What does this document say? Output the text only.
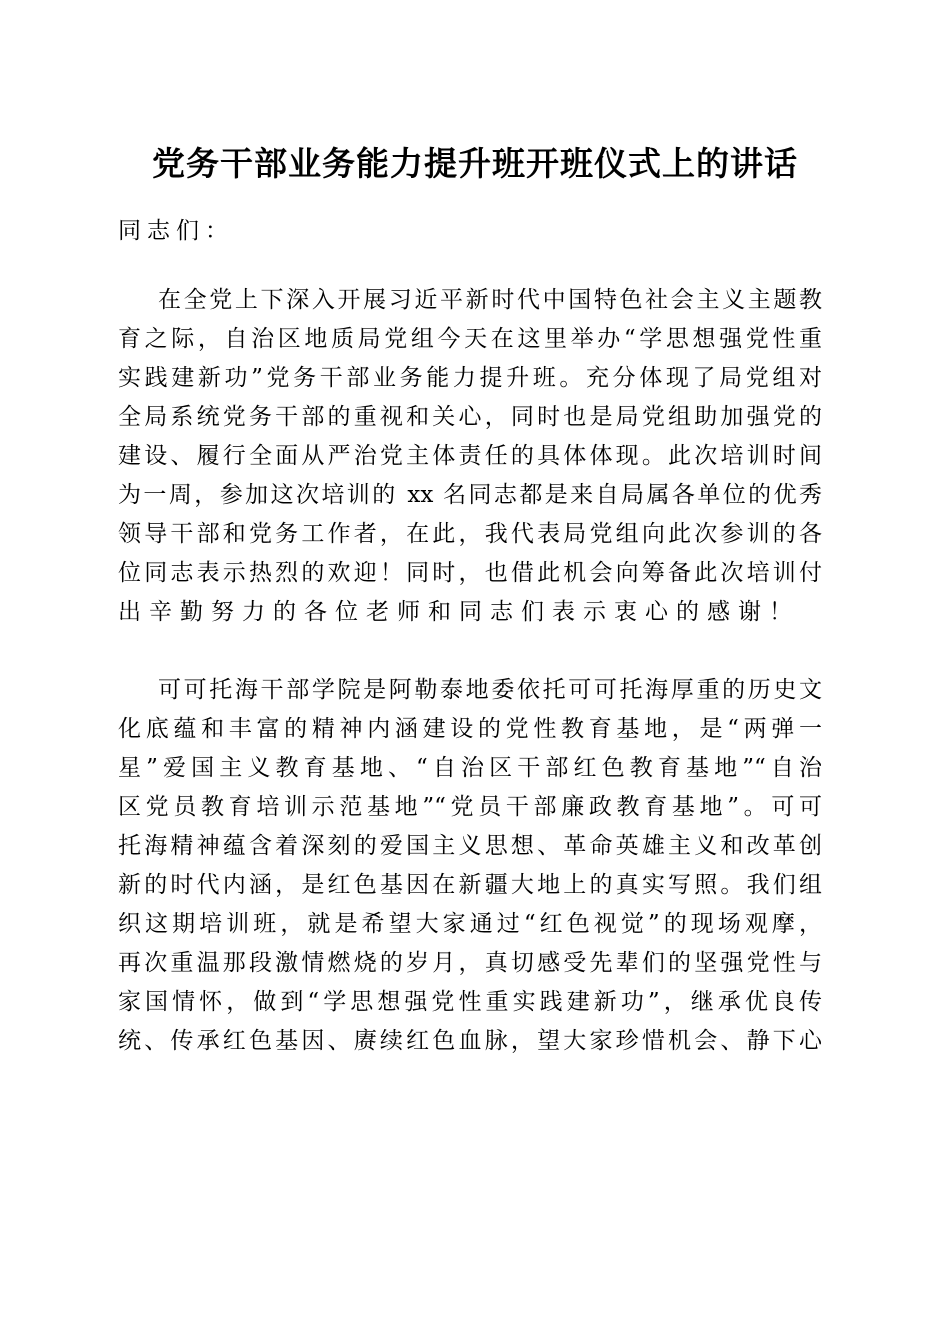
党务干部业务能力提升班开班仪式上的讲话
同志们：
在全党上下深入开展习近平新时代中国特色社会主义主题教
育之际，自治区地质局党组今天在这里举办“学思想强党性重
实践建新功”党务干部业务能力提升班。充分体现了局党组对
全局系统党务干部的重视和关心，同时也是局党组助加强党的
建设、履行全面从严治党主体责任的具体体现。此次培训时间
为一周，参加这次培训的 xx 名同志都是来自局属各单位的优秀
领导干部和党务工作者，在此，我代表局党组向此次参训的各
位同志表示热烈的欢迎！同时，也借此机会向筹备此次培训付
出辛勤努力的各位老师和同志们表示衷心的感谢！
可可托海干部学院是阿勒泰地委依托可可托海厚重的历史文
化底蕴和丰富的精神内涵建设的党性教育基地，是“两弹一
星”爱国主义教育基地、“自治区干部红色教育基地”“自治
区党员教育培训示范基地”“党员干部廉政教育基地”。可可
托海精神蕴含着深刻的爱国主义思想、革命英雄主义和改革创
新的时代内涵，是红色基因在新疆大地上的真实写照。我们组
织这期培训班，就是希望大家通过“红色视觉”的现场观摩，
再次重温那段激情燃烧的岁月，真切感受先辈们的坚强党性与
家国情怀，做到“学思想强党性重实践建新功”，继承优良传
统、传承红色基因、赓续红色血脉，望大家珍惜机会、静下心
